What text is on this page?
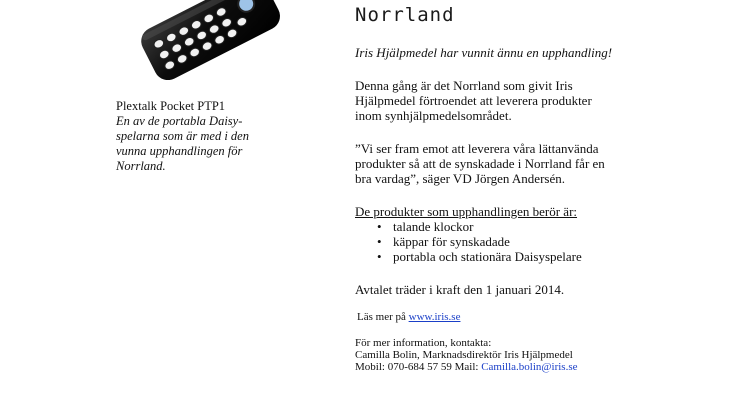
Plextalk Pocket PTP1
En av de portabla Daisy-
spelarna som är med i den
vunna upphandlingen för
Norrland.
Norrland

Iris Hjälpmedel har vunnit ännu en upphandling!

Denna gång är det Norrland som givit Iris

Hjälpmedel förtroendet att leverera produkter

inom synhjälpmedelsområdet.

”Vi ser fram emot att leverera våra lättanvända

produkter så att de synskadade i Norrland får en

bra vardag”, säger VD Jörgen Andersén.

De produkter som upphandlingen berör är:

• talande klockor
• käppar för synskadade
• portabla och stationära Daisyspelare

Avtalet träder i kraft den 1 januari 2014.

Läs mer på www.iris.se

För mer information, kontakta:

Camilla Bolin, Marknadsdirektör Iris Hjälpmedel

Mobil: 070-684 57 59 Mail: Camilla.bolin@iris.se
